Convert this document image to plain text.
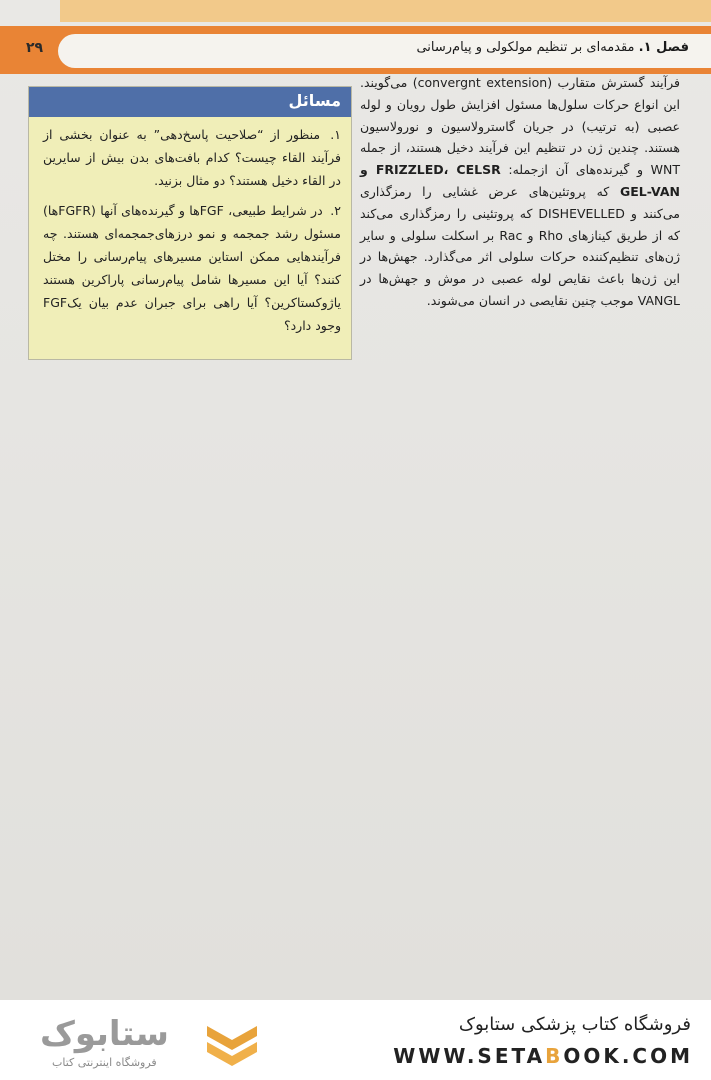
فصل ۱. مقدمه‌ای بر تنظیم مولکولی و پیام‌رسانی
۲۹
مسائل
۱. منظور از “صلاحیت پاسخ‌دهی” به عنوان بخشی از فرآیند القاء چیست؟ کدام بافت‌های بدن بیش از سایرین در القاء دخیل هستند؟ دو مثال بزنید.
۲. در شرایط طبیعی، FGFها و گیرنده‌های آنها (FGFRها) مسئول رشد جمجمه و نمو درزهای‌جمجمه‌ای هستند. چه فرآیندهایی ممکن استاین مسیرهای پیام‌رسانی را مختل کنند؟ آیا این مسیرها شامل پیام‌رسانی پاراکرین هستند یاژوکستاکرین؟ آیا راهی برای جبران عدم بیان یکFGF وجود دارد؟
فرآیند گسترش متقارب (convergnt extension) می‌گویند. این انواع حرکات سلول‌ها مسئول افزایش طول رویان و لوله عصبی (به ترتیب) در جریان گاسترولاسیون و نورولاسیون هستند. چندین ژن در تنظیم این فرآیند دخیل هستند، از جمله WNT و گیرنده‌های آن ازجمله: FRIZZLED، CELSR و GEL-VAN که پروتئین‌های عرض غشایی را رمزگذاری می‌کنند و DISHEVELLED که پروتئینی را رمزگذاری می‌کند که از طریق کینازهای Rho و Rac بر اسکلت سلولی و سایر ژن‌های تنظیم‌کننده حرکات سلولی اثر می‌گذارد. جهش‌ها در این ژن‌ها باعث نقایص لوله عصبی در موش و جهش‌ها در VANGL موجب چنین نقایصی در انسان می‌شوند.
ستابوک
فروشگاه اینترنتی کتاب
فروشگاه کتاب پزشکی ستابوک
WWW.SETABOOK.COM
